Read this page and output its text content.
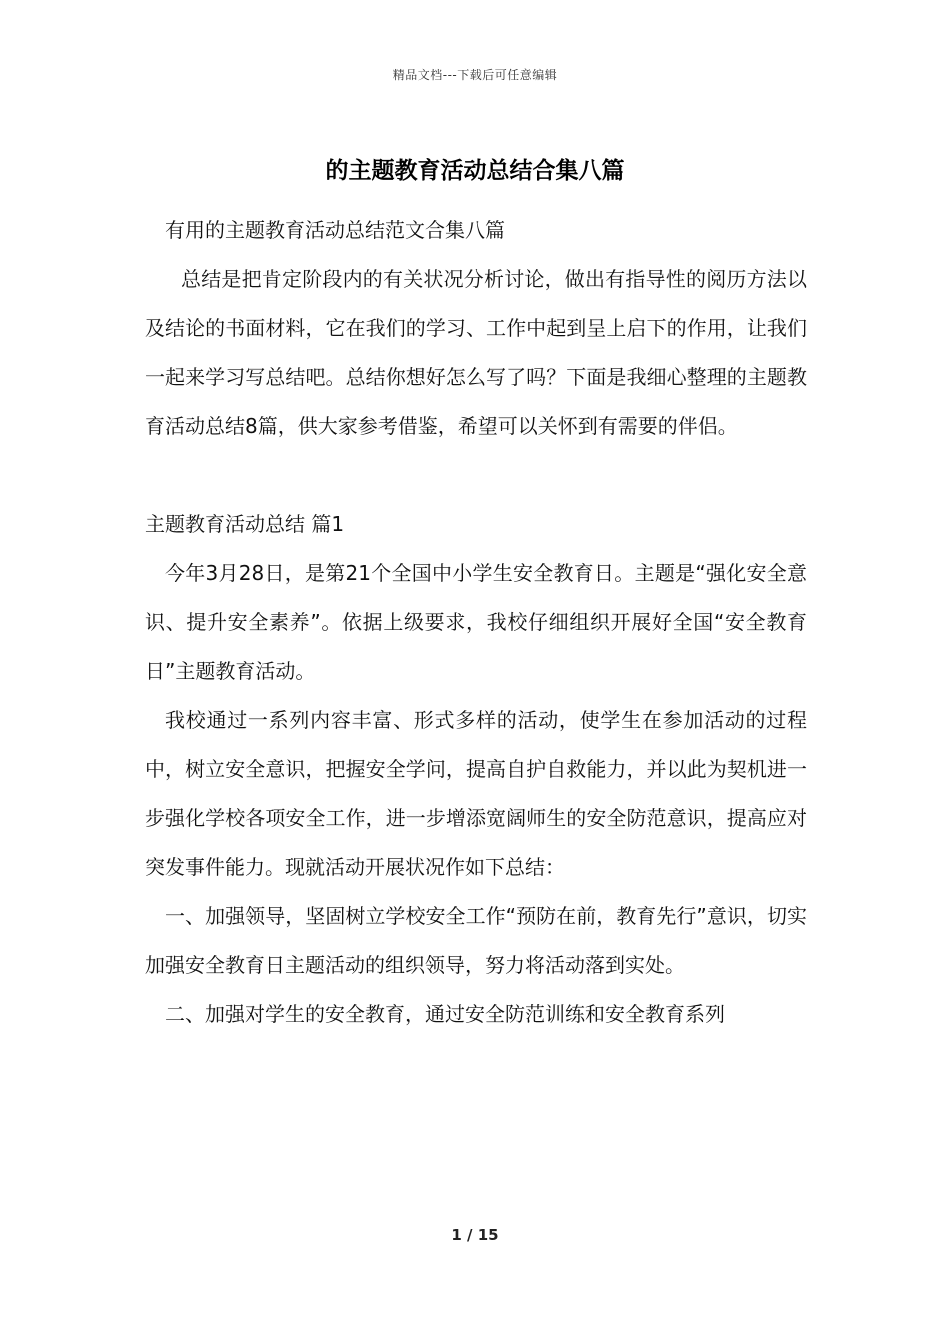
精品文档---下载后可任意编辑
的主题教育活动总结合集八篇

有用的主题教育活动总结范文合集八篇

总结是把肯定阶段内的有关状况分析讨论，做出有指导性的阅历方法以及结论的书面材料，它在我们的学习、工作中起到呈上启下的作用，让我们一起来学习写总结吧。总结你想好怎么写了吗？下面是我细心整理的主题教育活动总结8篇，供大家参考借鉴，希望可以关怀到有需要的伴侣。

主题教育活动总结 篇1

今年3月28日，是第21个全国中小学生安全教育日。主题是“强化安全意识、提升安全素养”。依据上级要求，我校仔细组织开展好全国“安全教育日”主题教育活动。

我校通过一系列内容丰富、形式多样的活动，使学生在参加活动的过程中，树立安全意识，把握安全学问，提高自护自救能力，并以此为契机进一步强化学校各项安全工作，进一步增添宽阔师生的安全防范意识，提高应对突发事件能力。现就活动开展状况作如下总结：

一、加强领导，坚固树立学校安全工作“预防在前，教育先行”意识，切实加强安全教育日主题活动的组织领导，努力将活动落到实处。

二、加强对学生的安全教育，通过安全防范训练和安全教育系列

1 / 15
